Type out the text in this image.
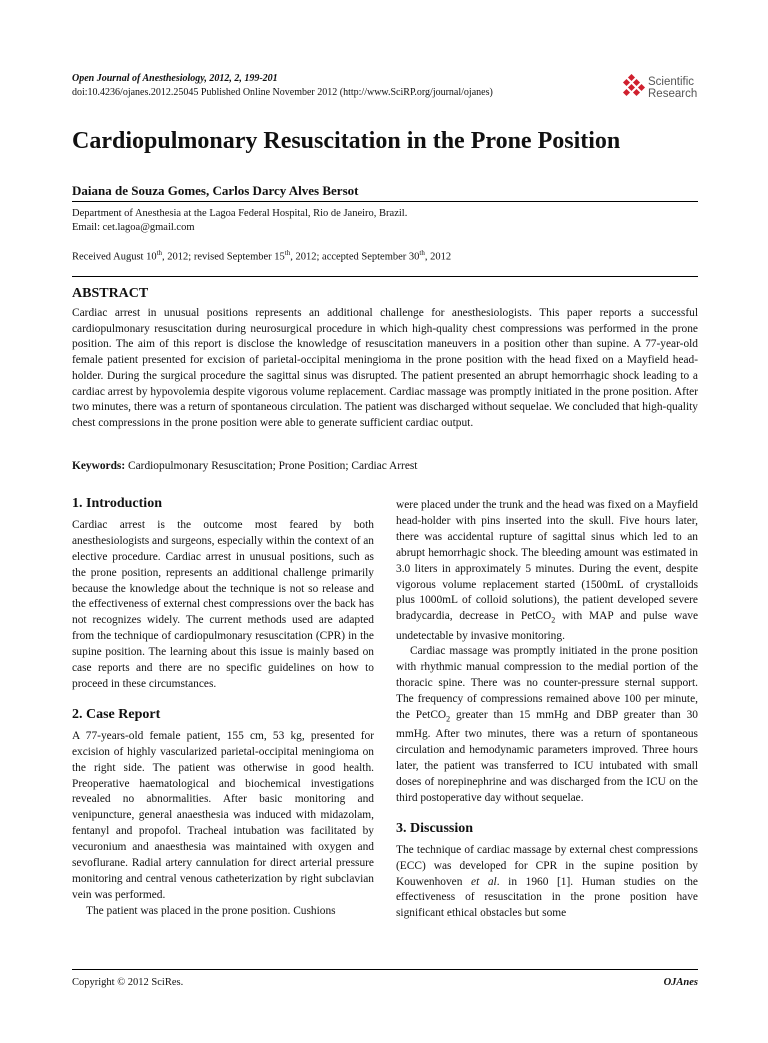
Open Journal of Anesthesiology, 2012, 2, 199-201
doi:10.4236/ojanes.2012.25045 Published Online November 2012 (http://www.SciRP.org/journal/ojanes)
Scientific
Research
Cardiopulmonary Resuscitation in the Prone Position
Daiana de Souza Gomes, Carlos Darcy Alves Bersot
Department of Anesthesia at the Lagoa Federal Hospital, Rio de Janeiro, Brazil.
Email: cet.lagoa@gmail.com
Received August 10th, 2012; revised September 15th, 2012; accepted September 30th, 2012
ABSTRACT

Cardiac arrest in unusual positions represents an additional challenge for anesthesiologists. This paper reports a successful cardiopulmonary resuscitation during neurosurgical procedure in which high-quality chest compressions was performed in the prone position. The aim of this report is disclose the knowledge of resuscitation maneuvers in a position other than supine. A 77-year-old female patient presented for excision of parietal-occipital meningioma in the prone position with the head fixed on a Mayfield head-holder. During the surgical procedure the sagittal sinus was disrupted. The patient presented an abrupt hemorrhagic shock leading to a cardiac arrest by hypovolemia despite vigorous volume replacement. Cardiac massage was promptly initiated in the prone position. After two minutes, there was a return of spontaneous circulation. The patient was discharged without sequelae. We concluded that high-quality chest compressions in the prone position were able to generate sufficient cardiac output.

Keywords: Cardiopulmonary Resuscitation; Prone Position; Cardiac Arrest

1. Introduction

Cardiac arrest is the outcome most feared by both anesthesiologists and surgeons, especially within the context of an elective procedure. Cardiac arrest in unusual positions, such as the prone position, represents an additional challenge primarily because the knowledge about the technique is not so release and the effectiveness of external chest compressions over the back has not recognizes widely. The current methods used are adapted from the technique of cardiopulmonary resuscitation (CPR) in the supine position. The learning about this issue is mainly based on case reports and there are no specific guidelines on how to proceed in these circumstances.

2. Case Report

A 77-years-old female patient, 155 cm, 53 kg, presented for excision of highly vascularized parietal-occipital meningioma on the right side. The patient was otherwise in good health. Preoperative haematological and biochemical investigations revealed no abnormalities. After basic monitoring and venipuncture, general anaesthesia was induced with midazolam, fentanyl and propofol. Tracheal intubation was facilitated by vecuronium and anaesthesia was maintained with oxygen and sevoflurane. Radial artery cannulation for direct arterial pressure monitoring and central venous catheterization by right subclavian vein was performed.

The patient was placed in the prone position. Cushions

were placed under the trunk and the head was fixed on a Mayfield head-holder with pins inserted into the skull. Five hours later, there was accidental rupture of sagittal sinus which led to an abrupt hemorrhagic shock. The bleeding amount was estimated in 3.0 liters in approximately 5 minutes. During the event, despite vigorous volume replacement started (1500mL of crystalloids plus 1000mL of colloid solutions), the patient developed severe bradycardia, decrease in PetCO$_2$ with MAP and pulse wave undetectable by invasive monitoring.

Cardiac massage was promptly initiated in the prone position with rhythmic manual compression to the medial portion of the thoracic spine. There was no counter-pressure sternal support. The frequency of compressions remained above 100 per minute, the PetCO$_2$ greater than 15 mmHg and DBP greater than 30 mmHg. After two minutes, there was a return of spontaneous circulation and hemodynamic parameters improved. Three hours later, the patient was transferred to ICU intubated with small doses of norepinephrine and was discharged from the ICU on the third postoperative day without sequelae.

3. Discussion

The technique of cardiac massage by external chest compressions (ECC) was developed for CPR in the supine position by Kouwenhoven et al. in 1960 [1]. Human studies on the effectiveness of resuscitation in the prone position have significant ethical obstacles but some

Copyright © 2012 SciRes.	OJAnes
